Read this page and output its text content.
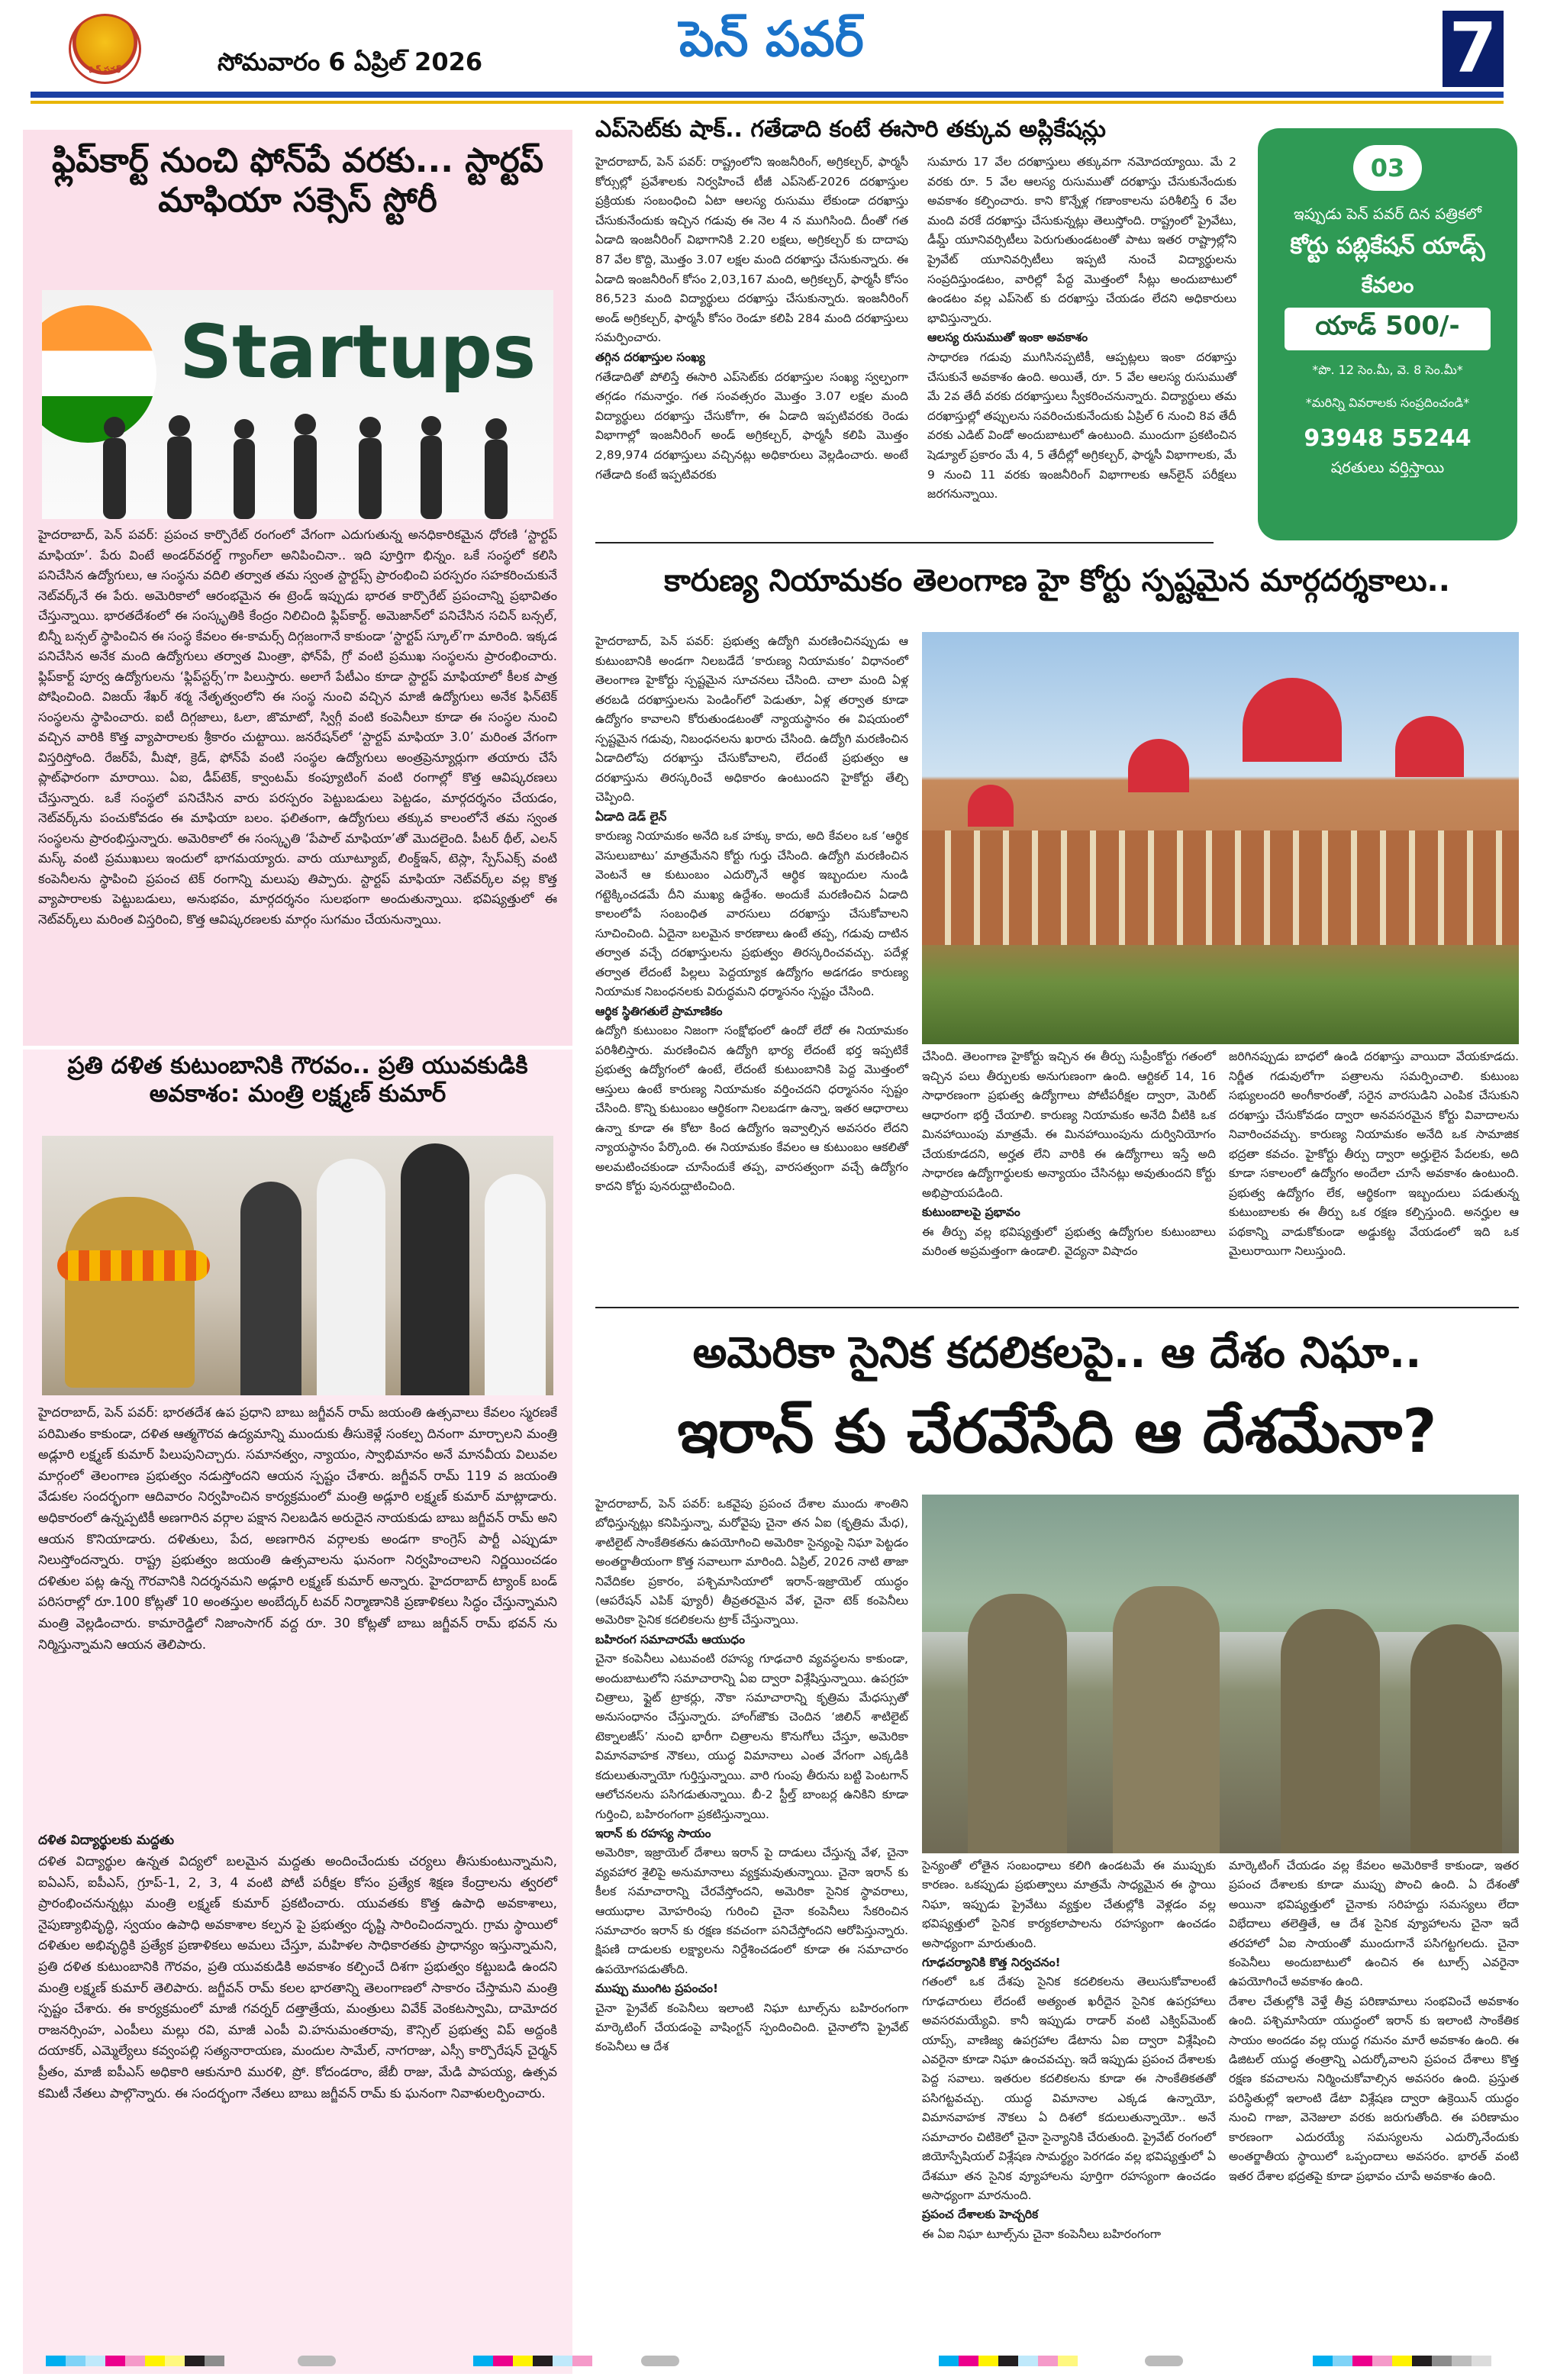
పెన్ పవర్	సోమవారం 6 ఏప్రిల్ 2026	పెన్ పవర్	7
ఫ్లిప్‌కార్ట్ నుంచి ఫోన్‌పే వరకు... స్టార్టప్ మాఫియా సక్సెస్ స్టోరీ
Startups
హైదరాబాద్, పెన్ పవర్: ప్రపంచ కార్పొరేట్ రంగంలో వేగంగా ఎదుగుతున్న అనధికారికమైన ధోరణి ‘స్టార్టప్ మాఫియా’. పేరు వింటే అండర్‌వరల్డ్ గ్యాంగ్‌లా అనిపించినా.. ఇది పూర్తిగా భిన్నం. ఒకే సంస్థలో కలిసి పనిచేసిన ఉద్యోగులు, ఆ సంస్థను వదిలి తర్వాత తమ స్వంత స్టార్టప్స్ ప్రారంభించి పరస్పరం సహకరించుకునే నెట్‌వర్క్‌నే ఈ పేరు. అమెరికాలో ఆరంభమైన ఈ ట్రెండ్ ఇప్పుడు భారత కార్పొరేట్ ప్రపంచాన్ని ప్రభావితం చేస్తున్నాయి. భారతదేశంలో ఈ సంస్కృతికి కేంద్రం నిలిచింది ఫ్లిప్‌కార్ట్. అమెజాన్‌లో పనిచేసిన సచిన్ బన్సల్, బిన్నీ బన్సల్ స్థాపించిన ఈ సంస్థ కేవలం ఈ-కామర్స్ దిగ్గజంగానే కాకుండా ‘స్టార్టప్ స్కూల్’గా మారింది. ఇక్కడ పనిచేసిన అనేక మంది ఉద్యోగులు తర్వాత మింత్రా, ఫోన్‌పే, గ్రో వంటి ప్రముఖ సంస్థలను ప్రారంభించారు. ఫ్లిప్‌కార్ట్ పూర్వ ఉద్యోగులను ‘ఫ్లిప్‌స్టర్స్’గా పిలుస్తారు. అలాగే పేటీఎం కూడా స్టార్టప్ మాఫియాలో కీలక పాత్ర పోషించింది. విజయ్ శేఖర్ శర్మ నేతృత్వంలోని ఈ సంస్థ నుంచి వచ్చిన మాజీ ఉద్యోగులు అనేక ఫిన్‌టెక్ సంస్థలను స్థాపించారు. ఐటీ దిగ్గజాలు, ఓలా, జొమాటో, స్విగ్గీ వంటి కంపెనీలూ కూడా ఈ సంస్థల నుంచి వచ్చిన వారికి కొత్త వ్యాపారాలకు శ్రీకారం చుట్టాయి. జనరేషన్‌లో ‘స్టార్టప్ మాఫియా 3.0’ మరింత వేగంగా విస్తరిస్తోంది. రేజర్‌పే, మీషో, క్రెడ్, ఫోన్‌పే వంటి సంస్థల ఉద్యోగులు అంత్రప్రెన్యూర్లుగా తయారు చేసే ప్లాట్‌ఫారంగా మారాయి. ఏఐ, డీప్‌టెక్, క్వాంటమ్ కంప్యూటింగ్ వంటి రంగాల్లో కొత్త ఆవిష్కరణలు చేస్తున్నారు. ఒకే సంస్థలో పనిచేసిన వారు పరస్పరం పెట్టుబడులు పెట్టడం, మార్గదర్శనం చేయడం, నెట్‌వర్క్‌ను పంచుకోవడం ఈ మాఫియా బలం. ఫలితంగా, ఉద్యోగులు తక్కువ కాలంలోనే తమ స్వంత సంస్థలను ప్రారంభిస్తున్నారు. అమెరికాలో ఈ సంస్కృతి ‘పేపాల్ మాఫియా’తో మొదలైంది. పీటర్ థీల్, ఎలన్ మస్క్ వంటి ప్రముఖులు ఇందులో భాగమయ్యారు. వారు యూట్యూబ్, లింక్డ్‌ఇన్, టెస్లా, స్పేస్‌ఎక్స్ వంటి కంపెనీలను స్థాపించి ప్రపంచ టెక్ రంగాన్ని మలుపు తిప్పారు. స్టార్టప్ మాఫియా నెట్‌వర్క్‌ల వల్ల కొత్త వ్యాపారాలకు పెట్టుబడులు, అనుభవం, మార్గదర్శనం సులభంగా అందుతున్నాయి. భవిష్యత్తులో ఈ నెట్‌వర్క్‌లు మరింత విస్తరించి, కొత్త ఆవిష్కరణలకు మార్గం సుగమం చేయనున్నాయి.
ప్రతి దళిత కుటుంబానికి గౌరవం.. ప్రతి యువకుడికి అవకాశం: మంత్రి లక్ష్మణ్ కుమార్
హైదరాబాద్, పెన్ పవర్: భారతదేశ ఉప ప్రధాని బాబు జగ్జీవన్ రామ్ జయంతి ఉత్సవాలు కేవలం స్మరణకే పరిమితం కాకుండా, దళిత ఆత్మగౌరవ ఉద్యమాన్ని ముందుకు తీసుకెళ్లే సంకల్ప దినంగా మార్చాలని మంత్రి అడ్లూరి లక్ష్మణ్ కుమార్ పిలుపునిచ్చారు. సమానత్వం, న్యాయం, స్వాభిమానం అనే మానవీయ విలువల మార్గంలో తెలంగాణ ప్రభుత్వం నడుస్తోందని ఆయన స్పష్టం చేశారు. జగ్జీవన్ రామ్ 119 వ జయంతి వేడుకల సందర్భంగా ఆదివారం నిర్వహించిన కార్యక్రమంలో మంత్రి అడ్లూరి లక్ష్మణ్ కుమార్ మాట్లాడారు. అధికారంలో ఉన్నప్పటికీ అణగారిన వర్గాల పక్షాన నిలబడిన అరుదైన నాయకుడు బాబు జగ్జీవన్ రామ్ అని ఆయన కొనియాడారు. దళితులు, పేద, అణగారిన వర్గాలకు అండగా కాంగ్రెస్ పార్టీ ఎప్పుడూ నిలుస్తోందన్నారు. రాష్ట్ర ప్రభుత్వం జయంతి ఉత్సవాలను ఘనంగా నిర్వహించాలని నిర్ణయించడం దళితుల పట్ల ఉన్న గౌరవానికి నిదర్శనమని అడ్లూరి లక్ష్మణ్ కుమార్ అన్నారు. హైదరాబాద్ ట్యాంక్ బండ్ పరిసరాల్లో రూ.100 కోట్లతో 10 అంతస్తుల అంబేద్కర్ టవర్ నిర్మాణానికి ప్రణాళికలు సిద్ధం చేస్తున్నామని మంత్రి వెల్లడించారు. కామారెడ్డిలో నిజాంసాగర్ వద్ద రూ. 30 కోట్లతో బాబు జగ్జీవన్ రామ్ భవన్ ను నిర్మిస్తున్నామని ఆయన తెలిపారు.
దళిత విద్యార్థులకు మద్దతు
దళిత విద్యార్థుల ఉన్నత విద్యలో బలమైన మద్దతు అందించేందుకు చర్యలు తీసుకుంటున్నామని, ఐఏఎస్, ఐపీఎస్, గ్రూప్-1, 2, 3, 4 వంటి పోటీ పరీక్షల కోసం ప్రత్యేక శిక్షణ కేంద్రాలను త్వరలో ప్రారంభించనున్నట్లు మంత్రి లక్ష్మణ్ కుమార్ ప్రకటించారు. యువతకు కొత్త ఉపాధి అవకాశాలు, నైపుణ్యాభివృద్ధి, స్వయం ఉపాధి అవకాశాల కల్పన పై ప్రభుత్వం దృష్టి సారించిందన్నారు. గ్రామ స్థాయిలో దళితుల అభివృద్ధికి ప్రత్యేక ప్రణాళికలు అమలు చేస్తూ, మహిళల సాధికారతకు ప్రాధాన్యం ఇస్తున్నామని, ప్రతి దళిత కుటుంబానికి గౌరవం, ప్రతి యువకుడికి అవకాశం కల్పించే దిశగా ప్రభుత్వం కట్టుబడి ఉందని మంత్రి లక్ష్మణ్ కుమార్ తెలిపారు. జగ్జీవన్ రామ్ కలల భారతాన్ని తెలంగాణలో సాకారం చేస్తామని మంత్రి స్పష్టం చేశారు. ఈ కార్యక్రమంలో మాజీ గవర్నర్ దత్తాత్రేయ, మంత్రులు వివేక్ వెంకటస్వామి, దామోదర రాజనర్సింహ, ఎంపీలు మల్లు రవి, మాజీ ఎంపీ వి.హనుమంతరావు, కౌన్సిల్ ప్రభుత్వ విప్ అద్దంకి దయాకర్, ఎమ్మెల్యేలు కవ్వంపల్లి సత్యనారాయణ, మందుల సామేల్, నాగరాజు, ఎస్సీ కార్పొరేషన్ చైర్మన్ ప్రీతం, మాజీ ఐపీఎస్ అధికారి ఆకునూరి మురళి, ప్రో. కోదండరాం, జేబీ రాజు, మేడి పాపయ్య, ఉత్సవ కమిటీ నేతలు పాల్గొన్నారు. ఈ సందర్భంగా నేతలు బాబు జగ్జీవన్ రామ్ కు ఘనంగా నివాళులర్పించారు.
ఎప్‌సెట్‌కు షాక్.. గతేడాది కంటే ఈసారి తక్కువ అప్లికేషన్లు

హైదరాబాద్, పెన్ పవర్: రాష్ట్రంలోని ఇంజనీరింగ్, అగ్రికల్చర్, ఫార్మసీ కోర్సుల్లో ప్రవేశాలకు నిర్వహించే టీజీ ఎప్‌సెట్-2026 దరఖాస్తుల ప్రక్రియకు సంబంధించి ఏటా ఆలస్య రుసుము లేకుండా దరఖాస్తు చేసుకునేందుకు ఇచ్చిన గడువు ఈ నెల 4 న ముగిసింది. దీంతో గత ఏడాది ఇంజనీరింగ్ విభాగానికి 2.20 లక్షలు, అగ్రికల్చర్ కు దాదాపు 87 వేల కొద్ది, మొత్తం 3.07 లక్షల మంది దరఖాస్తు చేసుకున్నారు. ఈ ఏడాది ఇంజనీరింగ్ కోసం 2,03,167 మంది, అగ్రికల్చర్, ఫార్మసీ కోసం 86,523 మంది విద్యార్థులు దరఖాస్తు చేసుకున్నారు. ఇంజనీరింగ్ అండ్ అగ్రికల్చర్, ఫార్మసీ కోసం రెండూ కలిపి 284 మంది దరఖాస్తులు సమర్పించారు.

తగ్గిన దరఖాస్తుల సంఖ్య

గతేడాదితో పోలిస్తే ఈసారి ఎప్‌సెట్‌కు దరఖాస్తుల సంఖ్య స్వల్పంగా తగ్గడం గమనార్హం. గత సంవత్సరం మొత్తం 3.07 లక్షల మంది విద్యార్థులు దరఖాస్తు చేసుకోగా, ఈ ఏడాది ఇప్పటివరకు రెండు విభాగాల్లో ఇంజనీరింగ్ అండ్ అగ్రికల్చర్, ఫార్మసీ కలిపి మొత్తం 2,89,974 దరఖాస్తులు వచ్చినట్లు అధికారులు వెల్లడించారు. అంటే గతేడాది కంటే ఇప్పటివరకు

సుమారు 17 వేల దరఖాస్తులు తక్కువగా నమోదయ్యాయి. మే 2 వరకు రూ. 5 వేల ఆలస్య రుసుముతో దరఖాస్తు చేసుకునేందుకు అవకాశం కల్పించారు. కాని కొన్నేళ్ల గణాంకాలను పరిశీలిస్తే 6 వేల మంది వరకే దరఖాస్తు చేసుకున్నట్లు తెలుస్తోంది. రాష్ట్రంలో ప్రైవేటు, డీమ్డ్ యూనివర్సిటీలు పెరుగుతుండటంతో పాటు ఇతర రాష్ట్రాల్లోని ప్రైవేట్ యూనివర్సిటీలు ఇప్పటి నుంచే విద్యార్థులను సంప్రదిస్తుండటం, వారిల్లో పేద్ద మొత్తంలో సీట్లు అందుబాటులో ఉండటం వల్ల ఎప్‌సెట్ కు దరఖాస్తు చేయడం లేదని అధికారులు భావిస్తున్నారు.

ఆలస్య రుసుముతో ఇంకా అవకాశం

సాధారణ గడువు ముగిసినప్పటికీ, ఆప్పట్లలు ఇంకా దరఖాస్తు చేసుకునే అవకాశం ఉంది. అయితే, రూ. 5 వేల ఆలస్య రుసుముతో మే 2వ తేదీ వరకు దరఖాస్తులు స్వీకరించనున్నారు. విద్యార్థులు తమ దరఖాస్తుల్లో తప్పులను సవరించుకునేందుకు ఏప్రిల్ 6 నుంచి 8వ తేదీ వరకు ఎడిట్ విండో అందుబాటులో ఉంటుంది. ముందుగా ప్రకటించిన షెడ్యూల్ ప్రకారం మే 4, 5 తేదీల్లో అగ్రికల్చర్, ఫార్మసీ విభాగాలకు, మే 9 నుంచి 11 వరకు ఇంజనీరింగ్ విభాగాలకు ఆన్‌లైన్ పరీక్షలు జరగనున్నాయి.

03
ఇప్పుడు పెన్ పవర్ దిన పత్రికలో
కోర్టు పబ్లికేషన్ యాడ్స్
కేవలం
యాడ్ 500/-
*పొ. 12 సెం.మీ, వె. 8 సెం.మీ*
*మరిన్ని వివరాలకు సంప్రదించండి*
93948 55244
షరతులు వర్తిస్తాయి
కారుణ్య నియామకం తెలంగాణ హై కోర్టు స్పష్టమైన మార్గదర్శకాలు..

హైదరాబాద్, పెన్ పవర్: ప్రభుత్వ ఉద్యోగి మరణించినప్పుడు ఆ కుటుంబానికి అండగా నిలబడేదే ‘కారుణ్య నియామకం’ విధానంలో తెలంగాణ హైకోర్టు స్పష్టమైన సూచనలు చేసింది. చాలా మంది ఏళ్ల తరబడి దరఖాస్తులను పెండింగ్‌లో పెడుతూ, ఏళ్ల తర్వాత కూడా ఉద్యోగం కావాలని కోరుతుండటంతో న్యాయస్థానం ఈ విషయంలో స్పష్టమైన గడువు, నిబంధనలను ఖరారు చేసింది. ఉద్యోగి మరణించిన ఏడాదిలోపు దరఖాస్తు చేసుకోవాలని, లేదంటే ప్రభుత్వం ఆ దరఖాస్తును తిరస్కరించే అధికారం ఉంటుందని హైకోర్టు తేల్చి చెప్పింది.

ఏడాది డెడ్ లైన్

కారుణ్య నియామకం అనేది ఒక హక్కు కాదు, అది కేవలం ఒక ‘ఆర్థిక వెసులుబాటు’ మాత్రమేనని కోర్టు గుర్తు చేసింది. ఉద్యోగి మరణించిన వెంటనే ఆ కుటుంబం ఎదుర్కొనే ఆర్థిక ఇబ్బందుల నుండి గట్టెక్కించడమే దీని ముఖ్య ఉద్దేశం. అందుకే మరణించిన ఏడాది కాలంలోపే సంబంధిత వారసులు దరఖాస్తు చేసుకోవాలని సూచించింది. ఏదైనా బలమైన కారణాలు ఉంటే తప్ప, గడువు దాటిన తర్వాత వచ్చే దరఖాస్తులను ప్రభుత్వం తిరస్కరించవచ్చు. పదేళ్ల తర్వాత లేదంటే పిల్లలు పెద్దయ్యాక ఉద్యోగం అడగడం కారుణ్య నియామక నిబంధనలకు విరుద్ధమని ధర్మాసనం స్పష్టం చేసింది.

ఆర్థిక స్థితిగతులే ప్రామాణికం

ఉద్యోగి కుటుంబం నిజంగా సంక్షోభంలో ఉందో లేదో ఈ నియామకం పరిశీలిస్తారు. మరణించిన ఉద్యోగి భార్య లేదంటే భర్త ఇప్పటికే ప్రభుత్వ ఉద్యోగంలో ఉంటే, లేదంటే కుటుంబానికి పెద్ద మొత్తంలో ఆస్తులు ఉంటే కారుణ్య నియామకం వర్తించదని ధర్మాసనం స్పష్టం చేసింది. కొన్ని కుటుంబం ఆర్థికంగా నిలబడగా ఉన్నా, ఇతర ఆధారాలు ఉన్నా కూడా ఈ కోటా కింద ఉద్యోగం ఇవ్వాల్సిన అవసరం లేదని న్యాయస్థానం పేర్కొంది. ఈ నియామకం కేవలం ఆ కుటుంబం ఆకలితో అలమటించకుండా చూసేందుకే తప్ప, వారసత్వంగా వచ్చే ఉద్యోగం కాదని కోర్టు పునరుద్ఘాటించింది.

చేసింది. తెలంగాణ హైకోర్టు ఇచ్చిన ఈ తీర్పు సుప్రీంకోర్టు గతంలో ఇచ్చిన పలు తీర్పులకు అనుగుణంగా ఉంది. ఆర్టికల్ 14, 16 సాధారణంగా ప్రభుత్వ ఉద్యోగాలు పోటీపరీక్షల ద్వారా, మెరిట్ ఆధారంగా భర్తీ చేయాలి. కారుణ్య నియామకం అనేది వీటికి ఒక మినహాయింపు మాత్రమే. ఈ మినహాయింపును దుర్వినియోగం చేయకూడదని, అర్హత లేని వారికి ఈ ఉద్యోగాలు ఇస్తే అది సాధారణ ఉద్యోగార్థులకు అన్యాయం చేసినట్లు అవుతుందని కోర్టు అభిప్రాయపడింది.

కుటుంబాలపై ప్రభావం

ఈ తీర్పు వల్ల భవిష్యత్తులో ప్రభుత్వ ఉద్యోగుల కుటుంబాలు మరింత అప్రమత్తంగా ఉండాలి. వైద్యనా విషాదం

జరిగినప్పుడు బాధలో ఉండి దరఖాస్తు వాయిదా వేయకూడదు. నిర్ణీత గడువులోగా పత్రాలను సమర్పించాలి. కుటుంబ సభ్యులందరి అంగీకారంతో, సరైన వారసుడిని ఎంపిక చేసుకుని దరఖాస్తు చేసుకోవడం ద్వారా అనవసరమైన కోర్టు వివాదాలను నివారించవచ్చు. కారుణ్య నియామకం అనేది ఒక సామాజిక భద్రతా కవచం. హైకోర్టు తీర్పు ద్వారా అర్హులైన పేదలకు, అది కూడా సకాలంలో ఉద్యోగం అందేలా చూసే అవకాశం ఉంటుంది. ప్రభుత్వ ఉద్యోగం లేక, ఆర్థికంగా ఇబ్బందులు పడుతున్న కుటుంబాలకు ఈ తీర్పు ఒక రక్షణ కల్పిస్తుంది. అనర్హుల ఆ పథకాన్ని వాడుకోకుండా అడ్డుకట్ట వేయడంలో ఇది ఒక మైలురాయిగా నిలుస్తుంది.
అమెరికా సైనిక కదలికలపై.. ఆ దేశం నిఘా..
ఇరాన్ కు చేరవేసేది ఆ దేశమేనా?

హైదరాబాద్, పెన్ పవర్: ఒకవైపు ప్రపంచ దేశాల ముందు శాంతిని బోధిస్తున్నట్లు కనిపిస్తున్నా, మరోవైపు చైనా తన ఏఐ (కృత్రిమ మేధ), శాటిలైట్ సాంకేతికతను ఉపయోగించి అమెరికా సైన్యంపై నిఘా పెట్టడం అంతర్జాతీయంగా కొత్త సవాలుగా మారింది. ఏప్రిల్, 2026 నాటి తాజా నివేదికల ప్రకారం, పశ్చిమాసియాలో ఇరాన్-ఇజ్రాయెల్ యుద్ధం (ఆపరేషన్ ఎపిక్ ఫ్యూరీ) తీవ్రతరమైన వేళ, చైనా టెక్ కంపెనీలు అమెరికా సైనిక కదలికలను ట్రాక్ చేస్తున్నాయి.

బహిరంగ సమాచారమే ఆయుధం

చైనా కంపెనీలు ఎటువంటి రహస్య గూఢచారి వ్యవస్థలను కాకుండా, అందుబాటులోని సమాచారాన్ని ఏఐ ద్వారా విశ్లేషిస్తున్నాయి. ఉపగ్రహ చిత్రాలు, ఫ్లైట్ ట్రాకర్లు, నౌకా సమాచారాన్ని కృత్రిమ మేధస్సుతో అనుసంధానం చేస్తున్నారు. హాంగ్‌జౌకు చెందిన ‘జిలిన్ శాటిలైట్ టెక్నాలజీస్’ నుంచి భారీగా చిత్రాలను కొనుగోలు చేస్తూ, అమెరికా విమానవాహక నౌకలు, యుద్ధ విమానాలు ఎంత వేగంగా ఎక్కడికి కదులుతున్నాయో గుర్తిస్తున్నాయి. వారి గుంపు తీరును బట్టి పెంటగాన్ ఆలోచనలను పసిగడుతున్నాయి. బీ-2 స్టీల్త్ బాంబర్ల ఉనికిని కూడా గుర్తించి, బహిరంగంగా ప్రకటిస్తున్నాయి.

ఇరాన్ కు రహస్య సాయం

అమెరికా, ఇజ్రాయెల్ దేశాలు ఇరాన్ పై దాడులు చేస్తున్న వేళ, చైనా వ్యవహార శైలిపై అనుమానాలు వ్యక్తమవుతున్నాయి. చైనా ఇరాన్ కు కీలక సమాచారాన్ని చేరవేస్తోందని, అమెరికా సైనిక స్థావరాలు, ఆయుధాల మోహరింపు గురించి చైనా కంపెనీలు సేకరించిన సమాచారం ఇరాన్ కు రక్షణ కవచంగా పనిచేస్తోందని ఆరోపిస్తున్నారు. క్షిపణి దాడులకు లక్ష్యాలను నిర్దేశించడంలో కూడా ఈ సమాచారం ఉపయోగపడుతోంది.

ముప్పు ముంగిట ప్రపంచం!

చైనా ప్రైవేట్ కంపెనీలు ఇలాంటి నిఘా టూల్స్‌ను బహిరంగంగా మార్కెటింగ్ చేయడంపై వాషింగ్టన్ స్పందించింది. చైనాలోని ప్రైవేట్ కంపెనీలు ఆ దేశ

సైన్యంతో లోతైన సంబంధాలు కలిగి ఉండటమే ఈ ముప్పుకు కారణం. ఒకప్పుడు ప్రభుత్వాలు మాత్రమే సాధ్యమైన ఈ స్థాయి నిఘా, ఇప్పుడు ప్రైవేటు వ్యక్తుల చేతుల్లోకి వెళ్లడం వల్ల భవిష్యత్తులో సైనిక కార్యకలాపాలను రహస్యంగా ఉంచడం అసాధ్యంగా మారుతుంది.

గూఢచర్యానికి కొత్త నిర్వచనం!

గతంలో ఒక దేశపు సైనిక కదలికలను తెలుసుకోవాలంటే గూఢచారులు లేదంటే అత్యంత ఖరీదైన సైనిక ఉపగ్రహాలు అవసరమయ్యేవి. కానీ ఇప్పుడు రాడార్ వంటి ఎక్విప్‌మెంట్ యాప్స్, వాణిజ్య ఉపగ్రహాల డేటాను ఏఐ ద్వారా విశ్లేషించి ఎవరైనా కూడా నిఘా ఉంచవచ్చు. ఇదే ఇప్పుడు ప్రపంచ దేశాలకు పెద్ద సవాలు. ఇతరుల కదలికలను కూడా ఈ సాంకేతికతతో పసిగట్టవచ్చు. యుద్ధ విమానాల ఎక్కడ ఉన్నాయో, విమానవాహక నౌకలు ఏ దిశలో కదులుతున్నాయో.. అనే సమాచారం చిటికెలో చైనా సైన్యానికి చేరుతుంది. ప్రైవేట్ రంగంలో జియోస్పేషియల్ విశ్లేషణ సామర్థ్యం పెరగడం వల్ల భవిష్యత్తులో ఏ దేశమూ తన సైనిక వ్యూహాలను పూర్తిగా రహస్యంగా ఉంచడం అసాధ్యంగా మారనుంది.

ప్రపంచ దేశాలకు హెచ్చరిక

ఈ ఏఐ నిఘా టూల్స్‌ను చైనా కంపెనీలు బహిరంగంగా

మార్కెటింగ్ చేయడం వల్ల కేవలం అమెరికాకే కాకుండా, ఇతర ప్రపంచ దేశాలకు కూడా ముప్పు పొంచి ఉంది. ఏ దేశంతో అయినా భవిష్యత్తులో చైనాకు సరిహద్దు సమస్యలు లేదా విభేదాలు తలెత్తితే, ఆ దేశ సైనిక వ్యూహాలను చైనా ఇదే తరహాలో ఏఐ సాయంతో ముందుగానే పసిగట్టగలదు. చైనా కంపెనీలు అందుబాటులో ఉంచిన ఈ టూల్స్ ఎవరైనా ఉపయోగించే అవకాశం ఉంది.

దేశాల చేతుల్లోకి వెళ్తే తీవ్ర పరిణామాలు సంభవించే అవకాశం ఉంది. పశ్చిమాసియా యుద్ధంలో ఇరాన్ కు ఇలాంటి సాంకేతిక సాయం అందడం వల్ల యుద్ధ గమనం మారే అవకాశం ఉంది. ఈ డిజిటల్ యుద్ధ తంత్రాన్ని ఎదుర్కోవాలని ప్రపంచ దేశాలు కొత్త రక్షణ కవచాలను నిర్మించుకోవాల్సిన అవసరం ఉంది. ప్రస్తుత పరిస్థితుల్లో ఇలాంటి డేటా విశ్లేషణ ద్వారా ఉక్రెయిన్ యుద్ధం నుంచి గాజా, వెనెజులా వరకు జరుగుతోంది. ఈ పరిణామం కారణంగా ఎదురయ్యే సమస్యలను ఎదుర్కొనేందుకు అంతర్జాతీయ స్థాయిలో ఒప్పందాలు అవసరం. భారత్ వంటి ఇతర దేశాల భద్రతపై కూడా ప్రభావం చూపే అవకాశం ఉంది.
